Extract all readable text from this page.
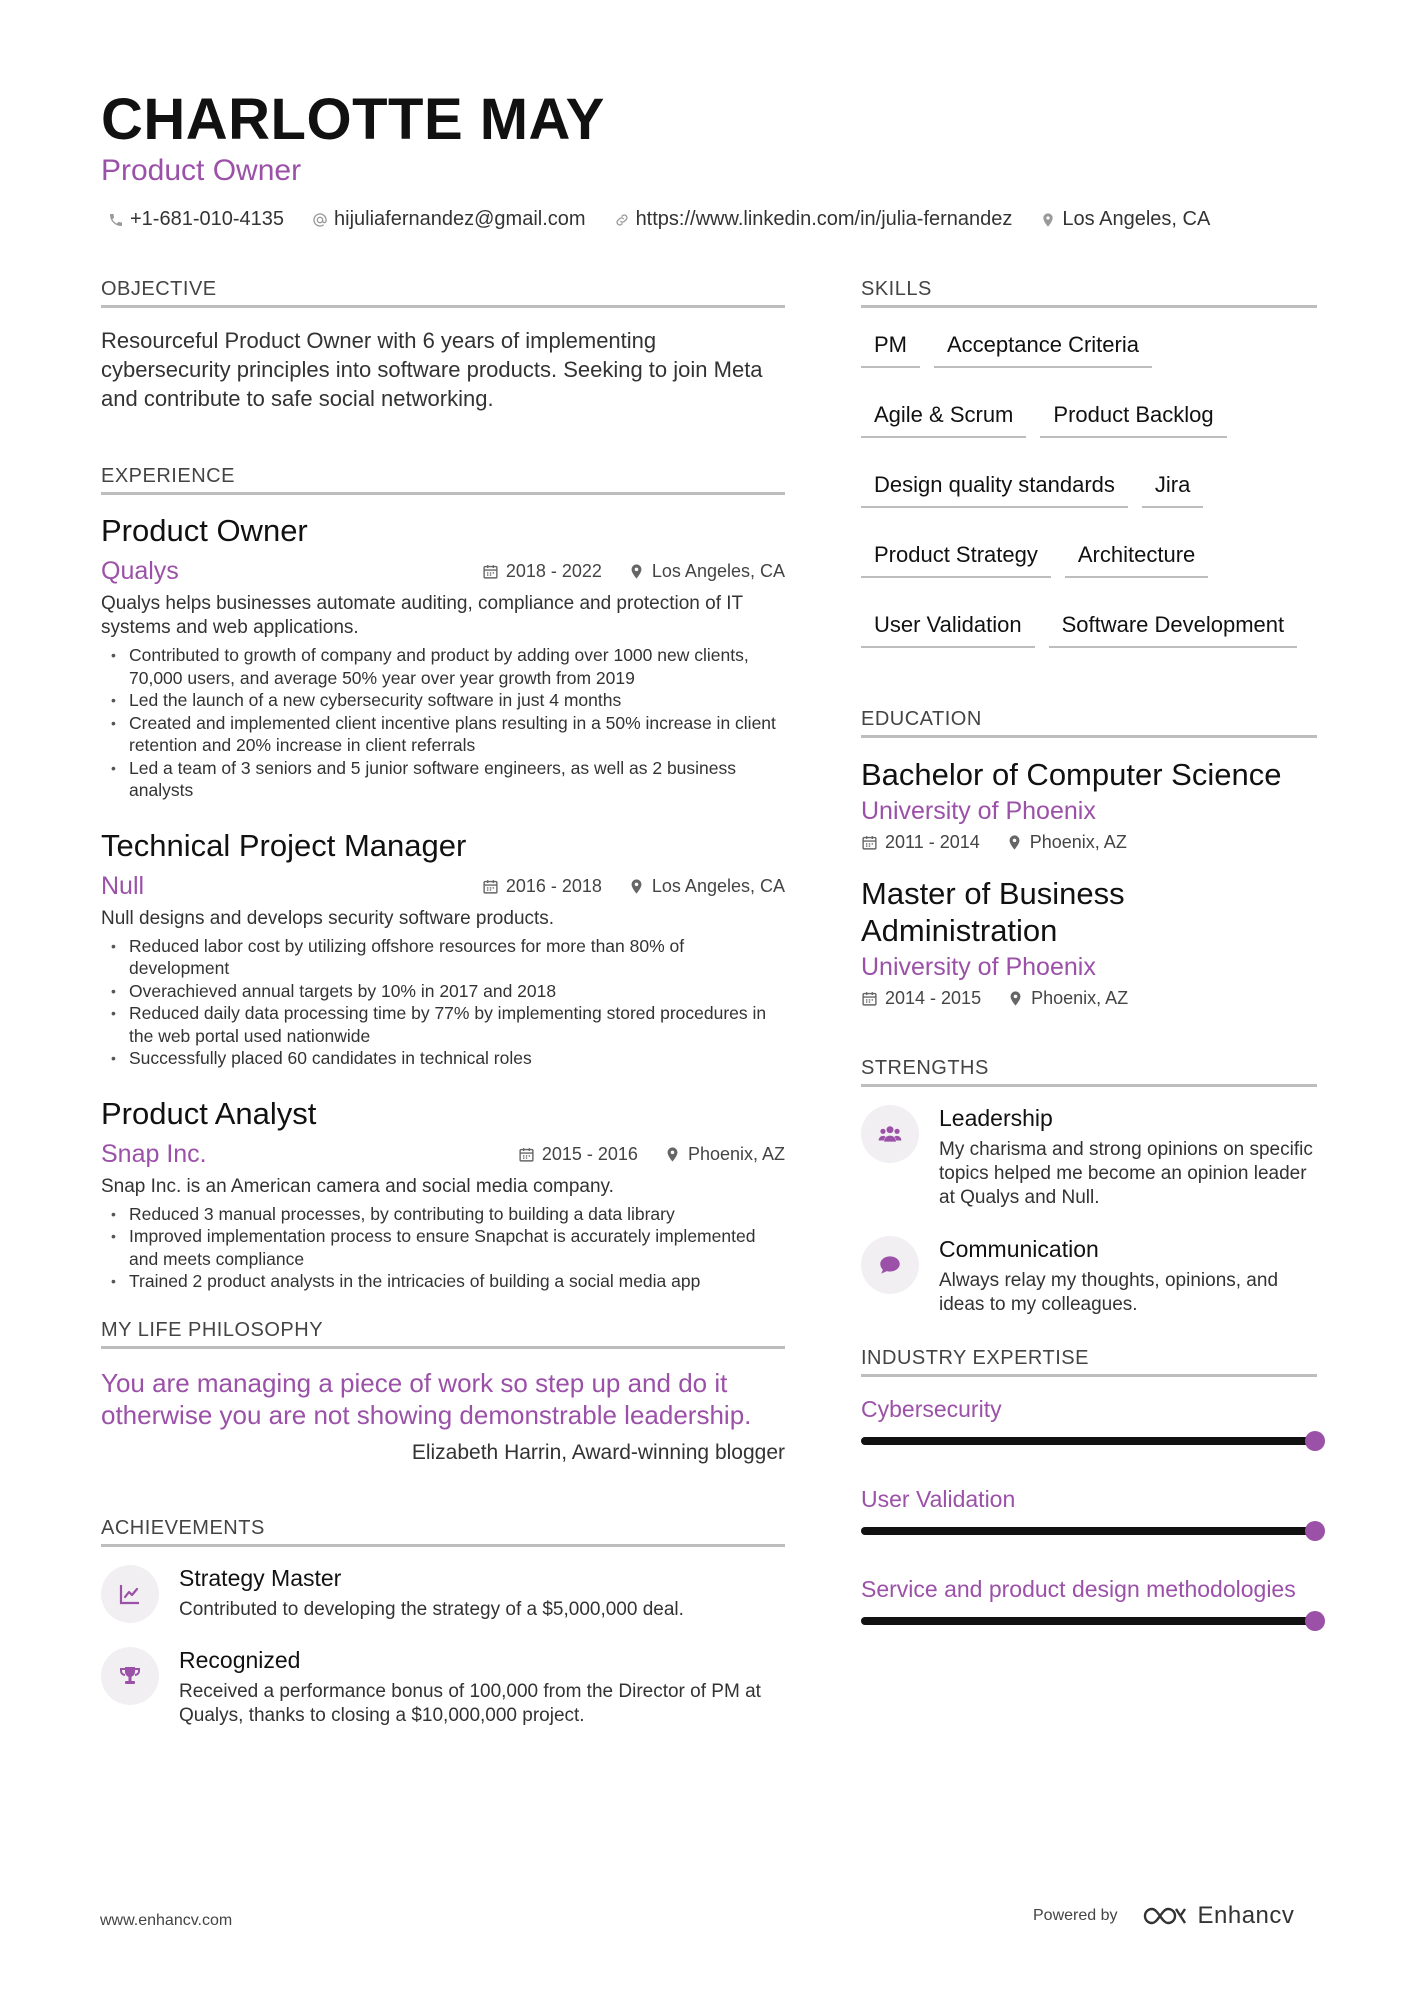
CHARLOTTE MAY
Product Owner
+1-681-010-4135	hijuliafernandez@gmail.com	https://www.linkedin.com/in/julia-fernandez	Los Angeles, CA
OBJECTIVE
Resourceful Product Owner with 6 years of implementing cybersecurity principles into software products. Seeking to join Meta and contribute to safe social networking.
EXPERIENCE
Product Owner
Qualys	2018 - 2022	Los Angeles, CA
Qualys helps businesses automate auditing, compliance and protection of IT systems and web applications.
• Contributed to growth of company and product by adding over 1000 new clients, 70,000 users, and average 50% year over year growth from 2019
• Led the launch of a new cybersecurity software in just 4 months
• Created and implemented client incentive plans resulting in a 50% increase in client retention and 20% increase in client referrals
• Led a team of 3 seniors and 5 junior software engineers, as well as 2 business analysts
Technical Project Manager
Null	2016 - 2018	Los Angeles, CA
Null designs and develops security software products.
• Reduced labor cost by utilizing offshore resources for more than 80% of development
• Overachieved annual targets by 10% in 2017 and 2018
• Reduced daily data processing time by 77% by implementing stored procedures in the web portal used nationwide
• Successfully placed 60 candidates in technical roles
Product Analyst
Snap Inc.	2015 - 2016	Phoenix, AZ
Snap Inc. is an American camera and social media company.
• Reduced 3 manual processes, by contributing to building a data library
• Improved implementation process to ensure Snapchat is accurately implemented and meets compliance
• Trained 2 product analysts in the intricacies of building a social media app
MY LIFE PHILOSOPHY
You are managing a piece of work so step up and do it otherwise you are not showing demonstrable leadership.
Elizabeth Harrin, Award-winning blogger
ACHIEVEMENTS
Strategy Master
Contributed to developing the strategy of a $5,000,000 deal.
Recognized
Received a performance bonus of 100,000 from the Director of PM at Qualys, thanks to closing a $10,000,000 project.
SKILLS
PM	Acceptance Criteria
Agile & Scrum	Product Backlog
Design quality standards	Jira
Product Strategy	Architecture
User Validation	Software Development
EDUCATION
Bachelor of Computer Science
University of Phoenix
2011 - 2014	Phoenix, AZ
Master of Business Administration
University of Phoenix
2014 - 2015	Phoenix, AZ
STRENGTHS
Leadership
My charisma and strong opinions on specific topics helped me become an opinion leader at Qualys and Null.
Communication
Always relay my thoughts, opinions, and ideas to my colleagues.
INDUSTRY EXPERTISE
Cybersecurity
User Validation
Service and product design methodologies
www.enhancv.com	Powered by	Enhancv
